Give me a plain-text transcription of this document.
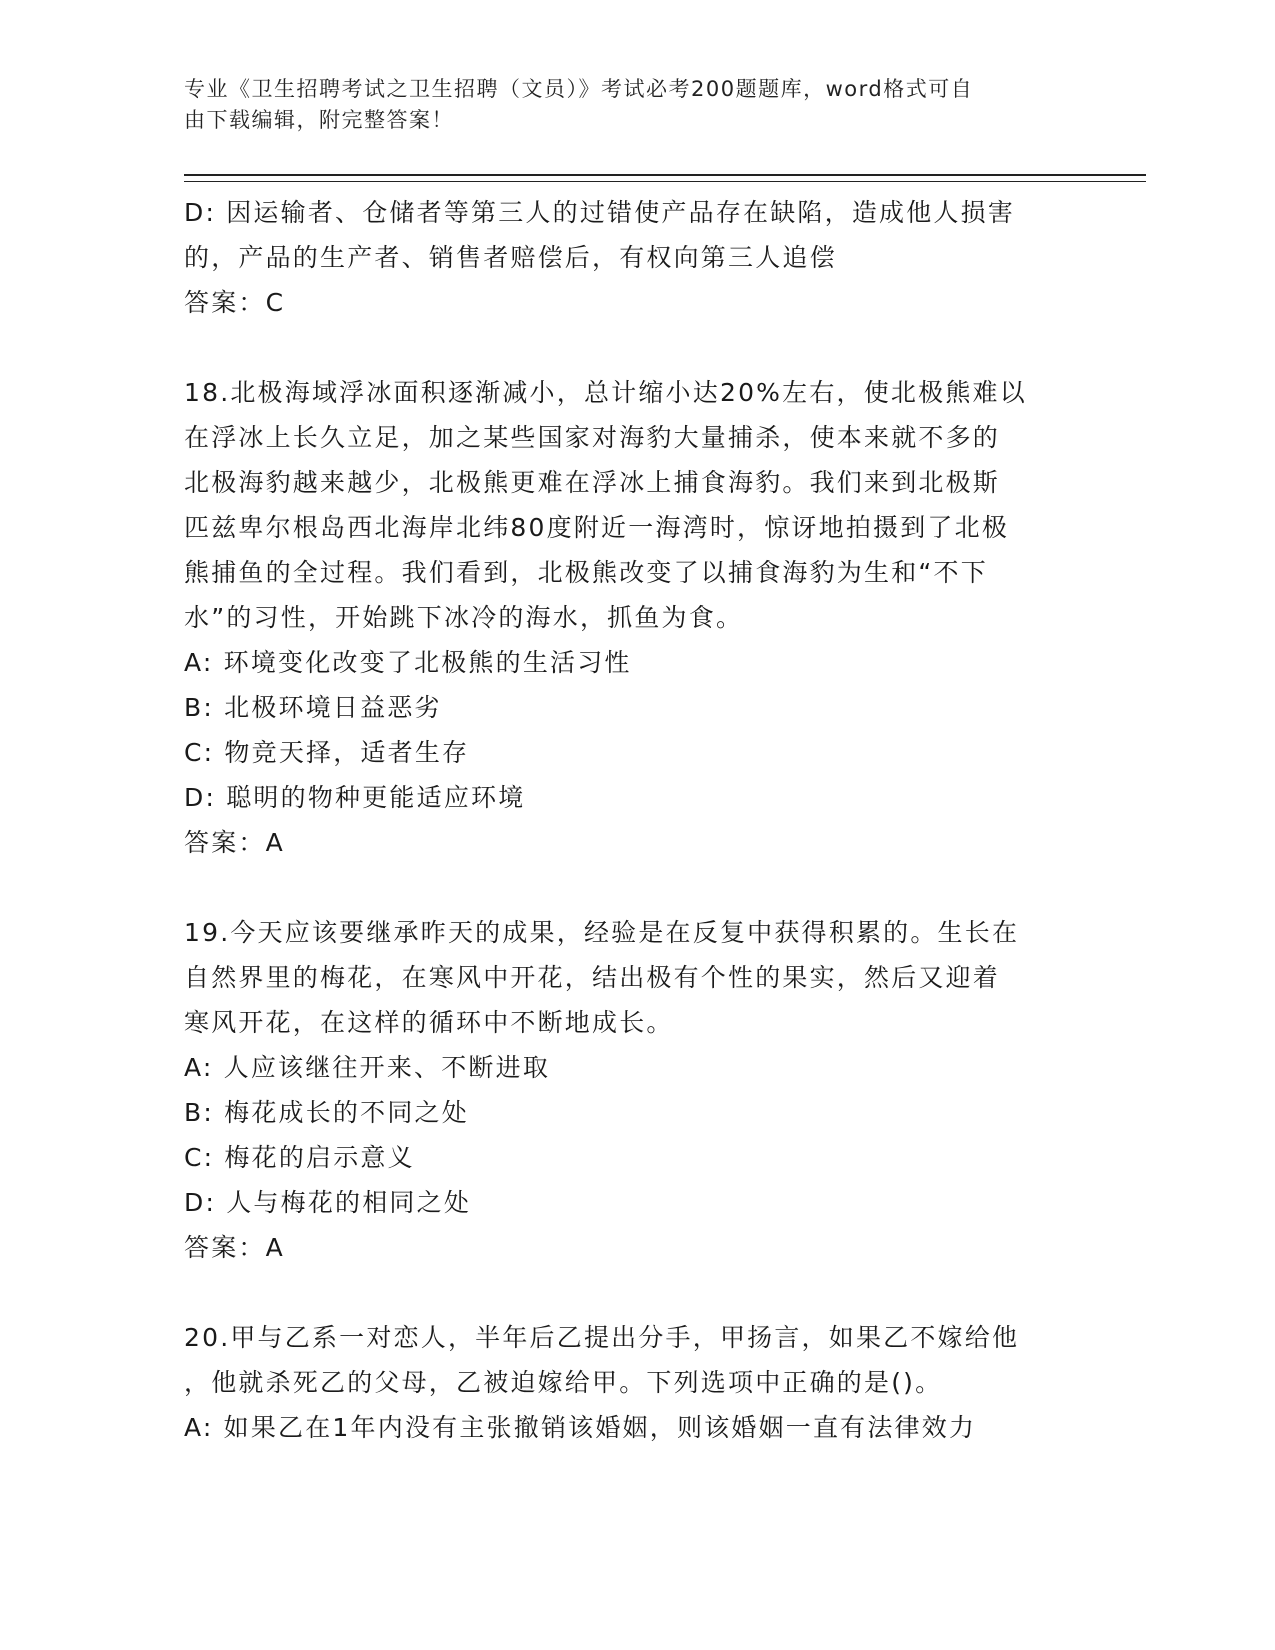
专业《卫生招聘考试之卫生招聘（文员）》考试必考200题题库，word格式可自
由下载编辑，附完整答案！
D: 因运输者、仓储者等第三人的过错使产品存在缺陷，造成他人损害
的，产品的生产者、销售者赔偿后，有权向第三人追偿
答案：C
18.北极海域浮冰面积逐渐减小，总计缩小达20%左右，使北极熊难以
在浮冰上长久立足，加之某些国家对海豹大量捕杀，使本来就不多的
北极海豹越来越少，北极熊更难在浮冰上捕食海豹。我们来到北极斯
匹兹卑尔根岛西北海岸北纬80度附近一海湾时，惊讶地拍摄到了北极
熊捕鱼的全过程。我们看到，北极熊改变了以捕食海豹为生和“不下
水”的习性，开始跳下冰冷的海水，抓鱼为食。
A: 环境变化改变了北极熊的生活习性
B: 北极环境日益恶劣
C: 物竞天择，适者生存
D: 聪明的物种更能适应环境
答案：A
19.今天应该要继承昨天的成果，经验是在反复中获得积累的。生长在
自然界里的梅花，在寒风中开花，结出极有个性的果实，然后又迎着
寒风开花，在这样的循环中不断地成长。
A: 人应该继往开来、不断进取
B: 梅花成长的不同之处
C: 梅花的启示意义
D: 人与梅花的相同之处
答案：A
20.甲与乙系一对恋人，半年后乙提出分手，甲扬言，如果乙不嫁给他
，他就杀死乙的父母，乙被迫嫁给甲。下列选项中正确的是()。
A: 如果乙在1年内没有主张撤销该婚姻，则该婚姻一直有法律效力
